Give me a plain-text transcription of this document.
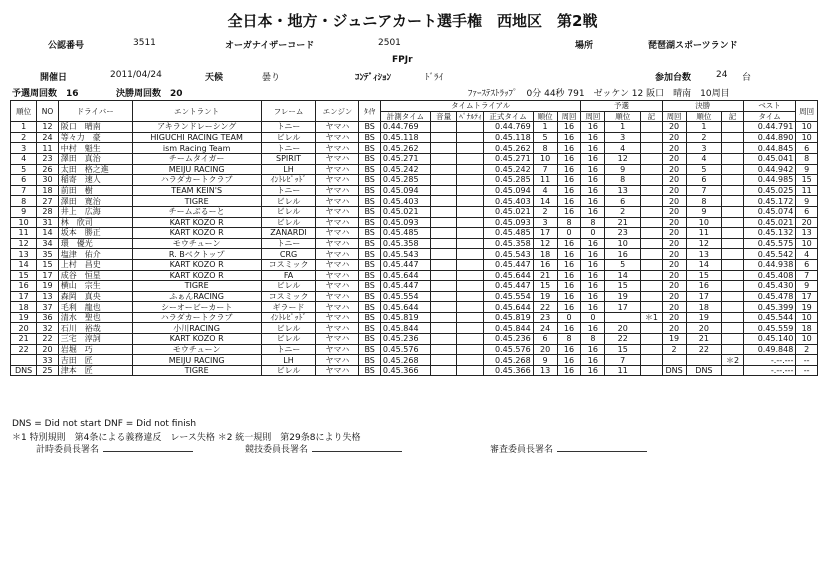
全日本・地方・ジュニアカート選手権　西地区　第2戦
公認番号	3511	オーガナイザーコード	2501	場所	琵琶湖スポーツランド
FPJr
開催日	2011/04/24	天候	曇り	ｺﾝﾃﾞｨｼｮﾝ	ﾄﾞﾗｲ	参加台数	24 台
予選周回数　16	決勝周回数　20	ﾌｧｰｽﾃｽﾄﾗｯﾌﾟ　0分 44秒 791　ゼッケン 12 阪口　晴南　10周目
順位	NO	ドライバー	エントラント	フレーム	エンジン	ﾀｲﾔ	タイムトライアル						予選			決勝			ベスト	周回
							計測タイム	音量	ﾍﾟﾅﾙﾃｨ	正式タイム	順位	周回	周回	順位	記	周回	順位	記	タイム	
1	12	阪口　晴南	アキランドレーシング	トニー	ヤマハ	BS	0.44.769			0.44.769	1	16	16	1		20	1		0.44.791	10
2	24	等々力　豪	HIGUCHI RACING TEAM	ビレル	ヤマハ	BS	0.45.118			0.45.118	5	16	16	3		20	2		0.44.890	10
3	11	中村　魁生	ism Racing Team	トニー	ヤマハ	BS	0.45.262			0.45.262	8	16	16	4		20	3		0.44.845	6
4	23	澤田　真治	チームタイガー	SPIRIT	ヤマハ	BS	0.45.271			0.45.271	10	16	16	12		20	4		0.45.041	8
5	26	太田　格之進	MEIJU RACING	LH	ヤマハ	BS	0.45.242			0.45.242	7	16	16	9		20	5		0.44.942	9
6	30	稲寄　速人	ハラダカートクラブ	ｲﾝﾄﾚﾋﾟｯﾄﾞ	ヤマハ	BS	0.45.285			0.45.285	11	16	16	8		20	6		0.44.985	15
7	18	前田　樹	TEAM KEIN'S	トニー	ヤマハ	BS	0.45.094			0.45.094	4	16	16	13		20	7		0.45.025	11
8	27	澤田　寛治	TIGRE	ビレル	ヤマハ	BS	0.45.403			0.45.403	14	16	16	6		20	8		0.45.172	9
9	28	井上　広海	チームぶるーと	ビレル	ヤマハ	BS	0.45.021			0.45.021	2	16	16	2		20	9		0.45.074	6
10	31	林　欣司	KART KOZO R	ビレル	ヤマハ	BS	0.45.093			0.45.093	3	8	8	21		20	10		0.45.021	20
11	14	坂本　勝正	KART KOZO R	ZANARDI	ヤマハ	BS	0.45.485			0.45.485	17	0	0	23		20	11		0.45.132	13
12	34	環　優光	モウチューン	トニー	ヤマハ	BS	0.45.358			0.45.358	12	16	16	10		20	12		0.45.575	10
13	35	塩津　佑介	R. Bベクトップ	CRG	ヤマハ	BS	0.45.543			0.45.543	18	16	16	16		20	13		0.45.542	4
14	15	上村　昌史	KART KOZO R	コスミック	ヤマハ	BS	0.45.447			0.45.447	16	16	16	5		20	14		0.44.938	6
15	17	成谷　恒星	KART KOZO R	FA	ヤマハ	BS	0.45.644			0.45.644	21	16	16	14		20	15		0.45.408	7
16	19	横山　宗生	TIGRE	ビレル	ヤマハ	BS	0.45.447			0.45.447	15	16	16	15		20	16		0.45.430	9
17	13	森岡　真央	ふぁんRACING	コスミック	ヤマハ	BS	0.45.554			0.45.554	19	16	16	19		20	17		0.45.478	17
18	37	毛利　龍也	シーオービーカート	ギラード	ヤマハ	BS	0.45.644			0.45.644	22	16	16	17		20	18		0.45.399	19
19	36	清水　聖也	ハラダカートクラブ	ｲﾝﾄﾚﾋﾟｯﾄﾞ	ヤマハ	BS	0.45.819			0.45.819	23	0	0		＊1	20	19		0.45.544	10
20	32	石川　裕哉	小川RACING	ビレル	ヤマハ	BS	0.45.844			0.45.844	24	16	16	20		20	20		0.45.559	18
21	22	三宅　淳詞	KART KOZO R	ビレル	ヤマハ	BS	0.45.236			0.45.236	6	8	8	22		19	21		0.45.140	10
22	20	岩堀　巧	モウチューン	トニー	ヤマハ	BS	0.45.576			0.45.576	20	16	16	15		2	22		0.49.848	2
	33	吉田　匠	MEIJU RACING	LH	ヤマハ	BS	0.45.268			0.45.268	9	16	16	7				＊2	-.--.---	--
DNS	25	津本　匠	TIGRE	ビレル	ヤマハ	BS	0.45.366			0.45.366	13	16	16	11		DNS	DNS		-.--.---	--
DNS = Did not start DNF = Did not finish
＊1 特別規則　第4条による義務違反　レース失格 ＊2 統一規則　第29条8により失格
計時委員長署名	競技委員長署名	審査委員長署名
